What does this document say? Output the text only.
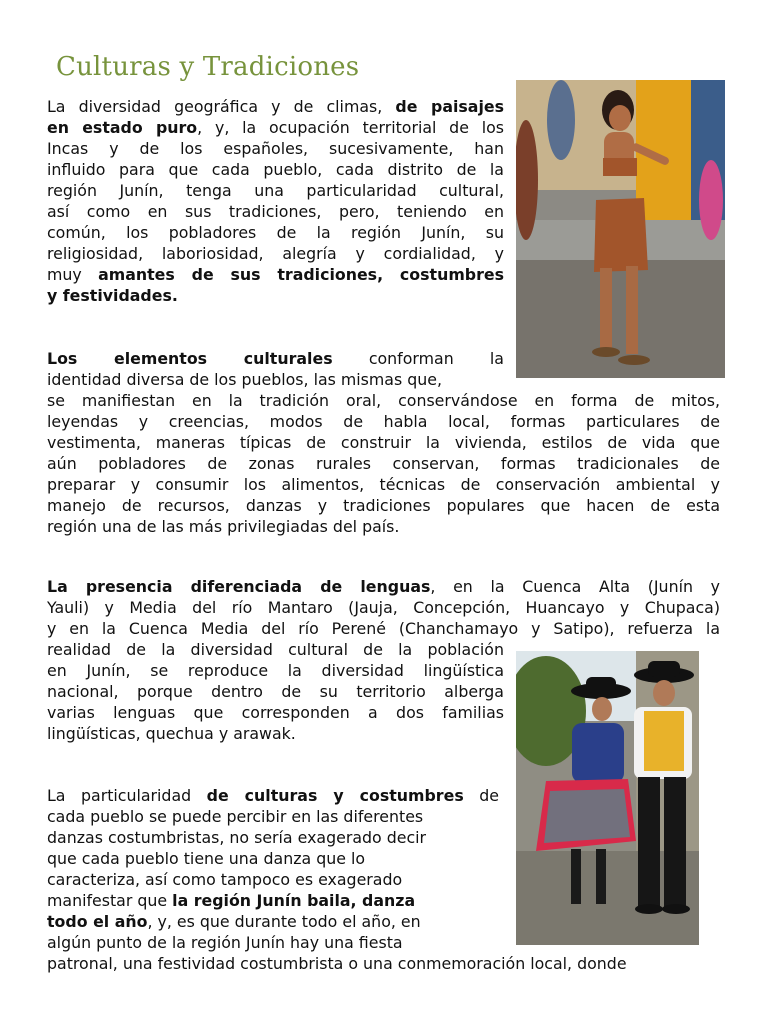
Culturas y Tradiciones
La diversidad geográfica y de climas, de paisajes
en estado puro, y, la ocupación territorial de los
Incas y de los españoles, sucesivamente, han
influido para que cada pueblo, cada distrito de la
región Junín, tenga una particularidad cultural,
así como en sus tradiciones, pero, teniendo en
común, los pobladores de la región Junín, su
religiosidad, laboriosidad, alegría y cordialidad, y
muy amantes de sus tradiciones, costumbres
y festividades.
Los elementos culturales conforman la
identidad diversa de los pueblos, las mismas que,
se manifiestan en la tradición oral, conservándose en forma de mitos,
leyendas y creencias, modos de habla local, formas particulares de
vestimenta, maneras típicas de construir la vivienda, estilos de vida que
aún pobladores de zonas rurales conservan, formas tradicionales de
preparar y consumir los alimentos, técnicas de conservación ambiental y
manejo de recursos, danzas y tradiciones populares que hacen de esta
región una de las más privilegiadas del país.
La presencia diferenciada de lenguas, en la Cuenca Alta (Junín y
Yauli) y Media del río Mantaro (Jauja, Concepción, Huancayo y Chupaca)
y en la Cuenca Media del río Perené (Chanchamayo y Satipo), refuerza la
realidad de la diversidad cultural de la población
en Junín, se reproduce la diversidad lingüística
nacional, porque dentro de su territorio alberga
varias lenguas que corresponden a dos familias
lingüísticas, quechua y arawak.
La particularidad de culturas y costumbres de
cada pueblo se puede percibir en las diferentes
danzas costumbristas, no sería exagerado decir
que cada pueblo tiene una danza que lo
caracteriza, así como tampoco es exagerado
manifestar que la región Junín baila, danza
todo el año, y, es que durante todo el año, en
algún punto de la región Junín hay una fiesta
patronal, una festividad costumbrista o una conmemoración local, donde
